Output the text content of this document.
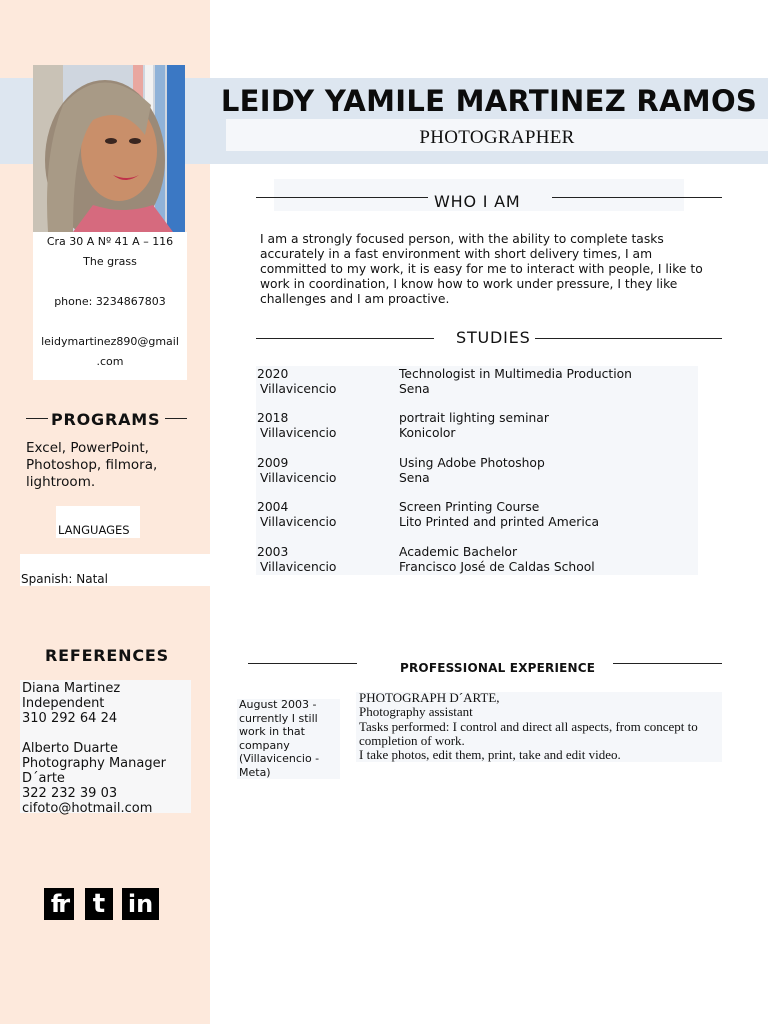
Cra 30 A Nº 41 A – 116
The grass
phone: 3234867803
leidymartinez890@gmail
.com
LEIDY YAMILE MARTINEZ RAMOS
PHOTOGRAPHER
WHO I AM
I am a strongly focused person, with the ability to complete tasks accurately in a fast environment with short delivery times, I am committed to my work, it is easy for me to interact with people, I like to work in coordination, I know how to work under pressure, I they like challenges and I am proactive.
STUDIES
2020
Villavicencio
Technologist in Multimedia Production
Sena
2018
Villavicencio
portrait lighting seminar
Konicolor
2009
Villavicencio
Using Adobe Photoshop
Sena
2004
Villavicencio
Screen Printing Course
Lito Printed and printed America
2003
Villavicencio
Academic Bachelor
Francisco José de Caldas School
PROGRAMS
Excel, PowerPoint, Photoshop, filmora, lightroom.
LANGUAGES
Spanish: Natal
REFERENCES
Diana Martinez
Independent
310 292 64 24
Alberto Duarte
Photography Manager
D´arte
322 232 39 03
cifoto@hotmail.com
PROFESSIONAL EXPERIENCE
August 2003 - currently I still work in that company (Villavicencio - Meta)
PHOTOGRAPH D´ARTE,
Photography assistant
Tasks performed: I control and direct all aspects, from concept to completion of work.
I take photos, edit them, print, take and edit video.
fr t in
